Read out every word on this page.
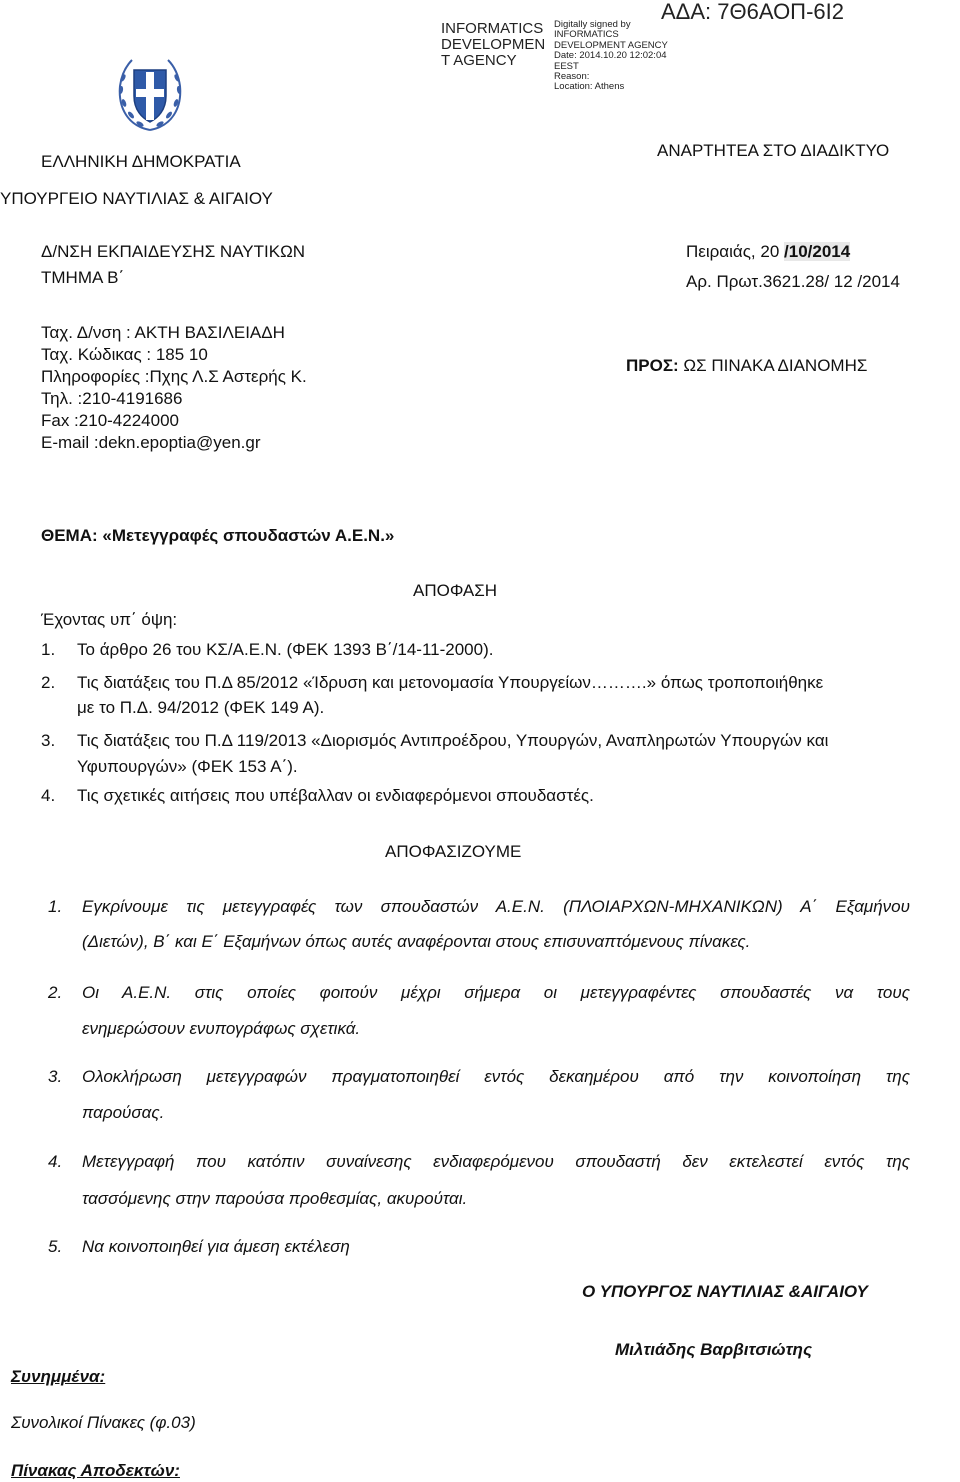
INFORMATICS
DEVELOPMEN
T AGENCY
Digitally signed by
INFORMATICS
DEVELOPMENT AGENCY
Date: 2014.10.20 12:02:04
EEST
Reason:
Location: Athens
ΑΔΑ: 7Θ6ΑΟΠ-6Ι2
ΕΛΛΗΝΙΚΗ ΔΗΜΟΚΡΑΤΙΑ
ΥΠΟΥΡΓΕΙΟ ΝΑΥΤΙΛΙΑΣ & ΑΙΓΑΙΟΥ
Δ/ΝΣΗ ΕΚΠΑΙΔΕΥΣΗΣ ΝΑΥΤΙΚΩΝ
ΤΜΗΜΑ Β΄
Ταχ. Δ/νση : ΑΚΤΗ ΒΑΣΙΛΕΙΑΔΗ
Ταχ. Κώδικας : 185 10
Πληροφορίες :Πχης Λ.Σ Αστερής Κ.
Τηλ. :210-4191686
Fax :210-4224000
E-mail :dekn.epoptia@yen.gr
ΑΝΑΡΤΗΤΕΑ ΣΤΟ ΔΙΑΔΙΚΤΥΟ
Πειραιάς, 20 /10/2014
Αρ. Πρωτ.3621.28/ 12 /2014
ΠΡΟΣ: ΩΣ ΠΙΝΑΚΑ ΔΙΑΝΟΜΗΣ
ΘΕΜΑ: «Μετεγγραφές σπουδαστών Α.Ε.Ν.»
ΑΠΟΦΑΣΗ
Έχοντας υπ΄ όψη:
1. Το άρθρο 26 του ΚΣ/Α.Ε.Ν. (ΦΕΚ 1393 Β΄/14-11-2000).
2. Τις διατάξεις του Π.Δ 85/2012 «Ίδρυση και μετονομασία Υπουργείων……….» όπως τροποποιήθηκε
με το Π.Δ. 94/2012 (ΦΕΚ 149 Α).
3. Τις διατάξεις του Π.Δ 119/2013 «Διορισμός Αντιπροέδρου, Υπουργών, Αναπληρωτών Υπουργών και
Υφυπουργών» (ΦΕΚ 153 Α΄).
4. Τις σχετικές αιτήσεις που υπέβαλλαν οι ενδιαφερόμενοι σπουδαστές.
ΑΠΟΦΑΣΙΖΟΥΜΕ
1. Εγκρίνουμε τις μετεγγραφές των σπουδαστών Α.Ε.Ν. (ΠΛΟΙΑΡΧΩΝ-ΜΗΧΑΝΙΚΩΝ) Α΄ Εξαμήνου
(Διετών), Β΄ και Ε΄ Εξαμήνων όπως αυτές αναφέρονται στους επισυναπτόμενους πίνακες.
2. Οι Α.Ε.Ν. στις οποίες φοιτούν μέχρι σήμερα οι μετεγγραφέντες σπουδαστές να τους
ενημερώσουν ενυπογράφως σχετικά.
3. Ολοκλήρωση μετεγγραφών πραγματοποιηθεί εντός δεκαημέρου από την κοινοποίηση της
παρούσας.
4. Μετεγγραφή που κατόπιν συναίνεσης ενδιαφερόμενου σπουδαστή δεν εκτελεστεί εντός της
τασσόμενης στην παρούσα προθεσμίας, ακυρούται.
5. Να κοινοποιηθεί για άμεση εκτέλεση
Ο ΥΠΟΥΡΓΟΣ ΝΑΥΤΙΛΙΑΣ &ΑΙΓΑΙΟΥ
Μιλτιάδης Βαρβιτσιώτης
Συνημμένα:
Συνολικοί Πίνακες (φ.03)
Πίνακας Αποδεκτών:
